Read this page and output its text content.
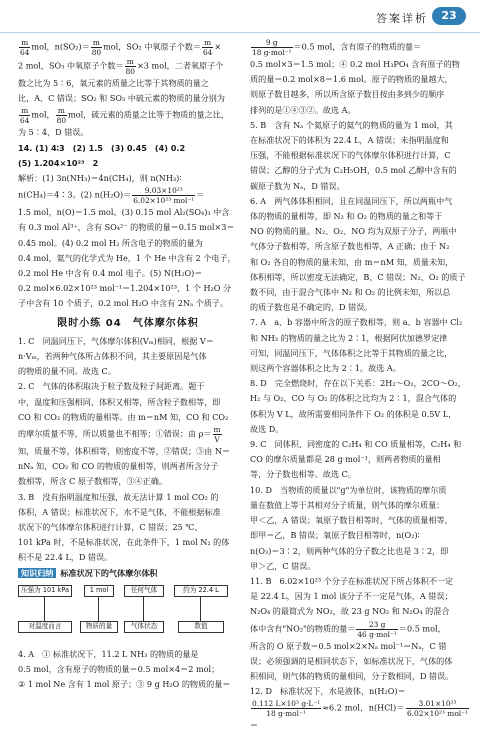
答案详析	23

$\frac{m}{64}$ mol，$n(SO_2)= \frac{m}{80}$ mol，SO₂ 中氧原子个数＝ $\frac{m}{64}$ ×

2 mol，SO₃ 中氧原子个数＝ $\frac{m}{80} \times 3$ mol，二者氧原子个

数之比为 5∶6，氧元素的质量之比等于其物质的量之

比，A、C 错误；SO₂ 和 SO₃ 中硫元素的物质的量分别为

$\frac{m}{64}$ mol， $\frac{m}{80}$ mol，硫元素的质量之比等于物质的量之比，

为 5∶4，D 错误。

14. (1) 4∶3　(2) 1.5　(3) 0.45　(4) 0.2

(5) 1.204×10²³　2

解析：(1) 3n(NH₃)＝4n(CH₄)，则 n(NH₃)∶

n(CH₄)＝4∶3。(2) $n(H_2O)= \frac{\text{9.03×10²³}}{\text{6.02×10²³ mol⁻¹}}$ ＝

1.5 mol，n(O)＝1.5 mol。(3) 0.15 mol Al₂(SO₄)₃ 中含

有 0.3 mol Al³⁺，含有 SO₄²⁻ 的物质的量＝0.15 mol×3＝

0.45 mol。(4) 0.2 mol H₂ 所含电子的物质的量为

0.4 mol，氦气的化学式为 He，1 个 He 中含有 2 个电子，

0.2 mol He 中含有 0.4 mol 电子。(5) N(H₂O)＝

0.2 mol×6.02×10²³ mol⁻¹＝1.204×10²³，1 个 H₂O 分

子中含有 10 个质子，0.2 mol H₂O 中含有 2Nₐ 个质子。

限时小练 04　气体摩尔体积

1. C　同温同压下，气体摩尔体积(Vₘ)相同，根据 V＝

n·Vₘ，若两种气体所占体积不同，其主要原因是气体

的物质的量不同。故选 C。

2. C　气体的体积取决于粒子数及粒子间距离。题干

中，温度和压强相同，体积又相等，所含粒子数相等，即

CO 和 CO₂ 的物质的量相等。由 m＝nM 知，CO 和 CO₂

的摩尔质量不等，所以质量也不相等；①错误；由 $\rho= \frac{m}{V}$

知，质量不等，体积相等，则密度不等，②错误；③由 N＝

nNₐ 知，CO₂ 和 CO 的物质的量相等，则两者所含分子

数相等，所含 C 原子数相等，③④正确。

3. B　没有指明温度和压强，故无法计算 1 mol CO₂ 的

体积，A 错误；标准状况下，水不是气体，不能根据标准

状况下的气体摩尔体积进行计算，C 错误；25 ℃、

101 kPa 时，不是标准状况，在此条件下，1 mol N₂ 的体

积不是 22.4 L，D 错误。

知识归纳 标准状况下的气体摩尔体积

压强为 101 kPa	1 mol	任何气体	约为 22.4 L
对温度而言	物质的量	气体状态	数值

4. A　① 标准状况下，11.2 L NH₃ 的物质的量是

0.5 mol，含有原子的物质的量＝0.5 mol×4＝2 mol；

② 1 mol Ne 含有 1 mol 原子；③ 9 g H₂O 的物质的量＝

$\frac{9 g}{\text{18 g·mol⁻¹}} =0.5$ mol，含有原子的物质的量＝

0.5 mol×3＝1.5 mol；④ 0.2 mol H₃PO₄ 含有原子的物

质的量＝0.2 mol×8＝1.6 mol。原子的物质的量越大，

则原子数目越多，所以所含原子数目按由多到少的顺序

排列的是①④③②。故选 A。

5. B　含有 Nₐ 个氦原子的氦气的物质的量为 1 mol，其

在标准状况下的体积为 22.4 L，A 错误；未指明温度和

压强，不能根据标准状况下的气体摩尔体积进行计算，C

错误；乙醇的分子式为 C₂H₅OH，0.5 mol 乙醇中含有的

碳原子数为 Nₐ，D 错误。

6. A　两气体体积相同，且在同温同压下，所以两瓶中气

体的物质的量相等，即 N₂ 和 O₂ 的物质的量之和等于

NO 的物质的量。N₂、O₂、NO 均为双原子分子，两瓶中

气体分子数相等，所含原子数也相等，A 正确；由于 N₂

和 O₂ 各自的物质的量未知，由 m＝nM 知，质量未知，

体积相等，所以密度无法确定，B、C 错误；N₂、O₂ 的质子

数不同，由于混合气体中 N₂ 和 O₂ 的比例未知，所以总

的质子数也是不确定的，D 错误。

7. A　a、b 容器中所含的原子数相等，则 a、b 容器中 Cl₂

和 NH₃ 的物质的量之比为 2∶1，根据阿伏加德罗定律

可知，同温同压下，气体体积之比等于其物质的量之比，

则这两个容器体积之比为 2∶1。故选 A。

8. D　完全燃烧时，存在以下关系：2H₂～O₂，2CO～O₂，

H₂ 与 O₂、CO 与 O₂ 的体积之比均为 2∶1，混合气体的

体积为 V L，故所需要相同条件下 O₂ 的体积是 0.5V L，

故选 D。

9. C　同体积、同密度的 C₂H₄ 和 CO 质量相等，C₂H₄ 和

CO 的摩尔质量都是 28 g·mol⁻¹，则两者物质的量相

等，分子数也相等。故选 C。

10. D　当物质的质量以"g"为单位时，该物质的摩尔质

量在数值上等于其相对分子质量，则气体的摩尔质量：

甲＜乙，A 错误；氧原子数目相等时，气体的质量相等，

即甲＝乙，B 错误；氧原子数目相等时，n(O₂)∶

n(O₃)＝3∶2，则两种气体的分子数之比也是 3∶2，即

甲＞乙，C 错误。

11. B　6.02×10²³ 个分子在标准状况下所占体积不一定

是 22.4 L，因为 1 mol 该分子不一定是气体，A 错误；

N₂O₄ 的最简式为 NO₂，故 23 g NO₂ 和 N₂O₄ 的混合

体中含有"NO₂"的物质的量＝ $\frac{23 g}{\text{46 g·mol⁻¹}} =0.5$ mol，

所含的 O 原子数＝0.5 mol×2×Nₐ mol⁻¹＝Nₐ，C 错

误；必须强调的是相同状态下，如标准状况下，气体的体

积相同，则气体的物质的量相同，分子数相同，D 错误。

12. D　标准状况下，水是液体，n(H₂O)＝

$\frac{\text{0.112 L×10³ g·L⁻¹}}{\text{18 g·mol⁻¹}} \approx 6.2$ mol，$n(HCl)= \frac{\text{3.01×10²³}}{\text{6.02×10²³ mol⁻¹}}$
＝
